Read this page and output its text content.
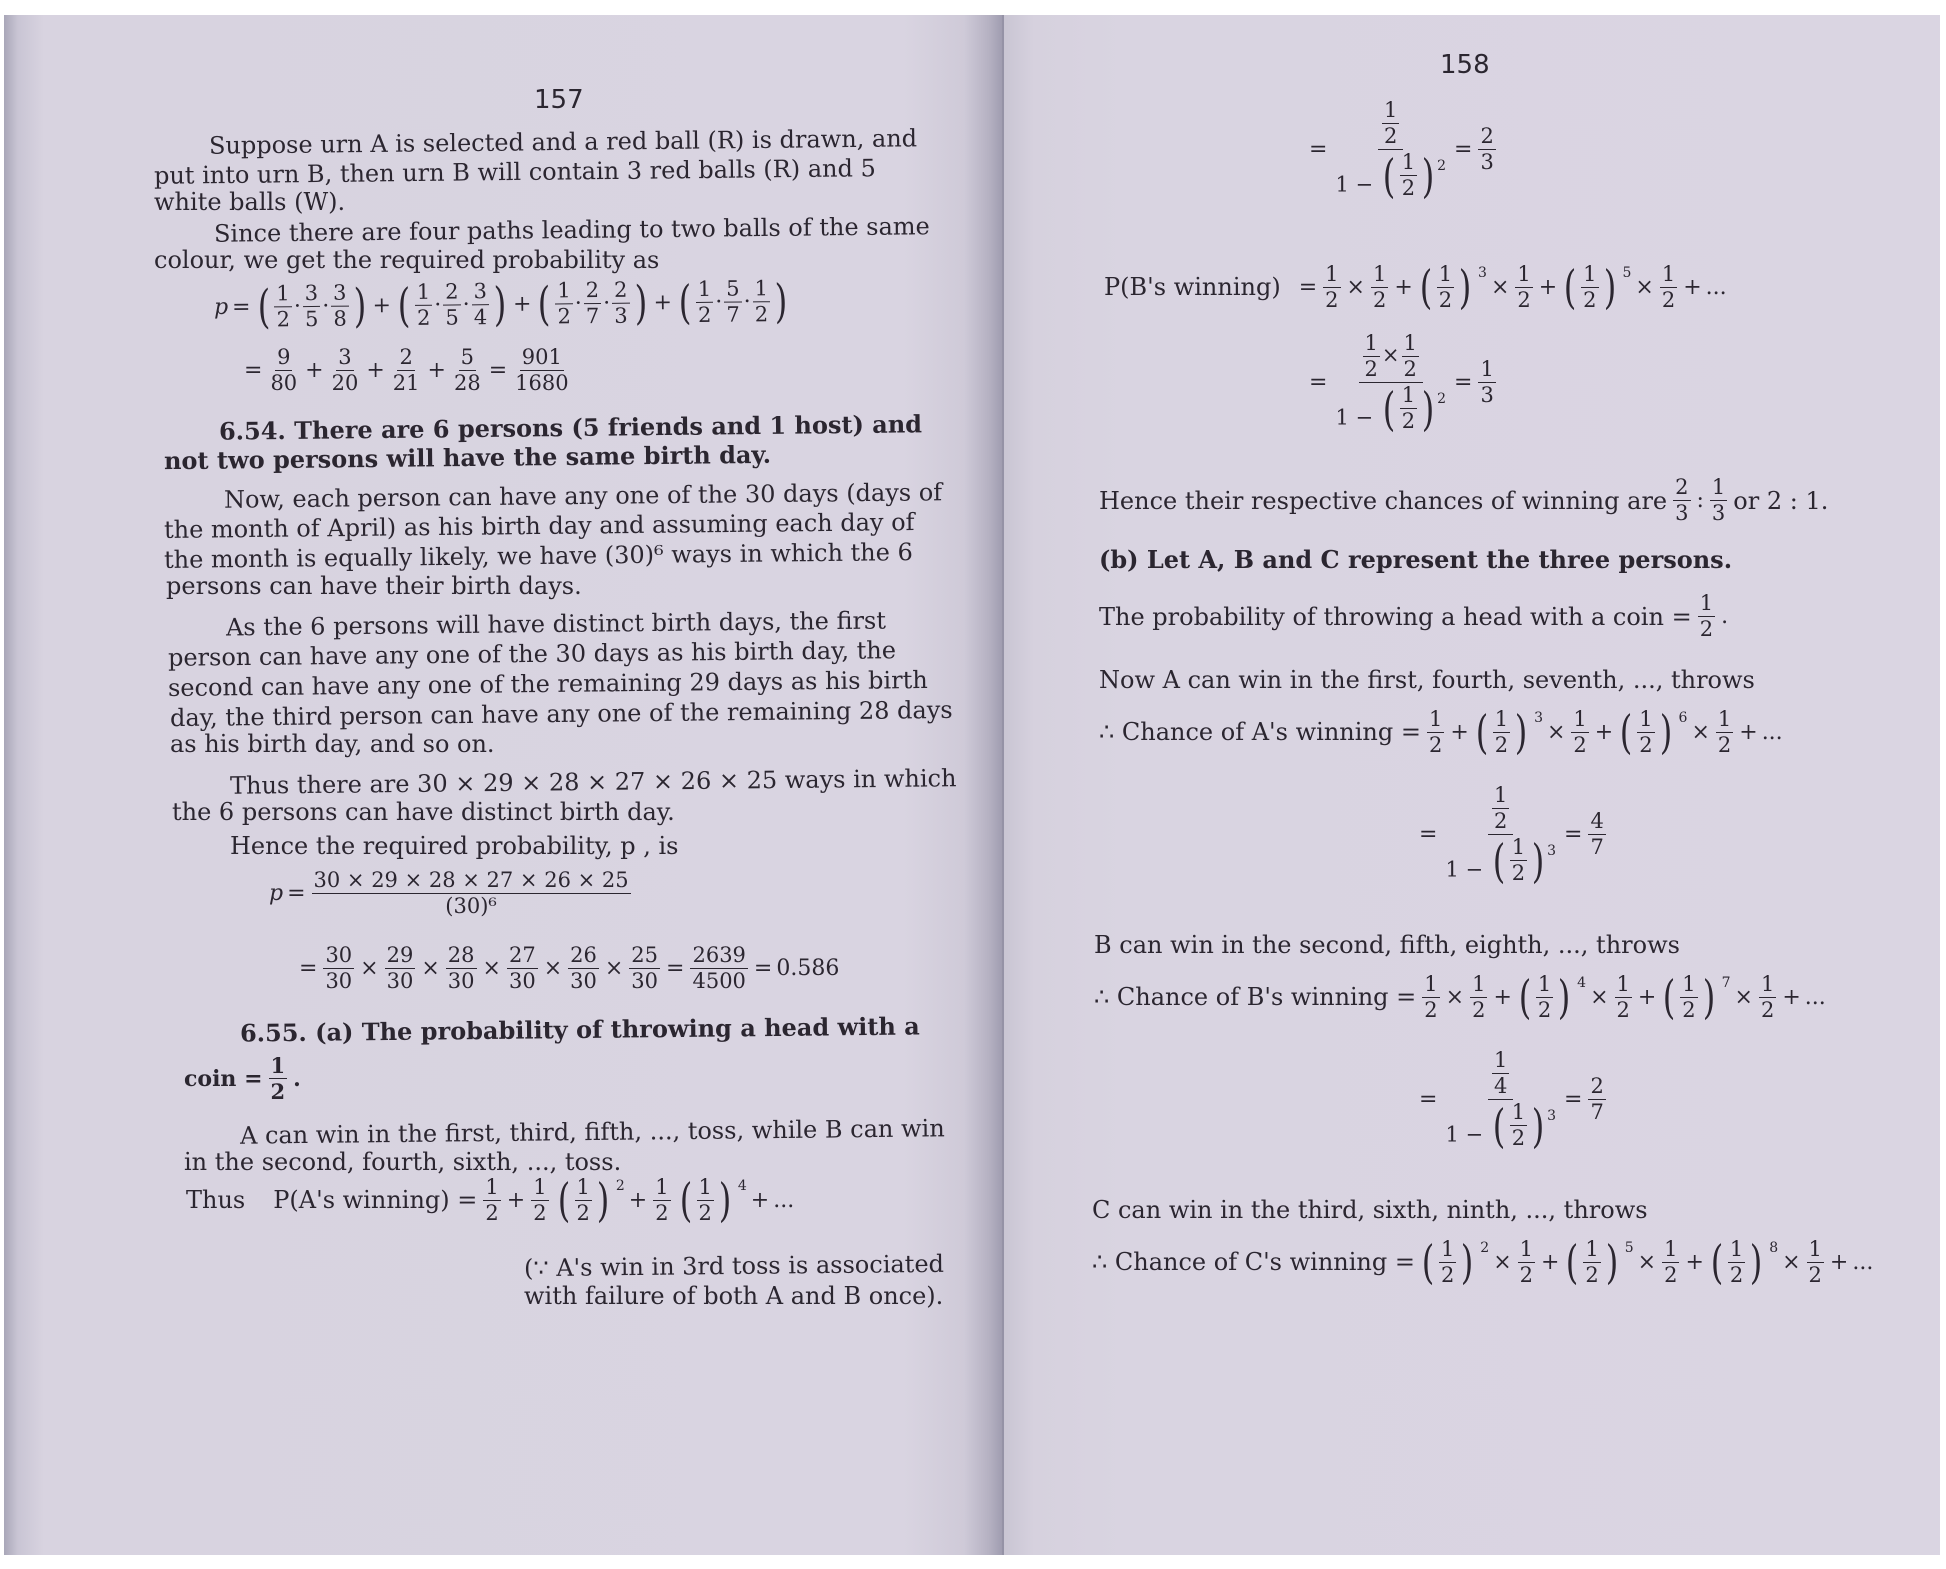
157
Suppose urn A is selected and a red ball (R) is drawn, and
put into urn B, then urn B will contain 3 red balls (R) and 5
white balls (W).
Since there are four paths leading to two balls of the same
colour, we get the required probability as
p = ( $\frac{1}{2} \cdot \frac{3}{5} \cdot \frac{3}{8}$
) + ( $\frac{1}{2} \cdot \frac{2}{5} \cdot \frac{3}{4}$
) + ( $\frac{1}{2} \cdot \frac{2}{7} \cdot \frac{2}{3}$
) + ( $\frac{1}{2} \cdot \frac{5}{7} \cdot \frac{1}{2}$
)
= $\frac{9}{80} + \frac{3}{20} + \frac{2}{21} + \frac{5}{28} = \frac{901}{1680}$
6.54. There are 6 persons (5 friends and 1 host) and
not two persons will have the same birth day.
Now, each person can have any one of the 30 days (days of
the month of April) as his birth day and assuming each day of
the month is equally likely, we have (30)⁶ ways in which the 6
persons can have their birth days.
As the 6 persons will have distinct birth days, the first
person can have any one of the 30 days as his birth day, the
second can have any one of the remaining 29 days as his birth
day, the third person can have any one of the remaining 28 days
as his birth day, and so on.
Thus there are 30 × 29 × 28 × 27 × 26 × 25 ways in which
the 6 persons can have distinct birth day.
Hence the required probability, p , is
$p = \frac{30 \times 29 \times 28 \times 27 \times 26 \times 25}{\text{(30)⁶}}$
= $\frac{30}{30} \times \frac{29}{30} \times \frac{28}{30} \times \frac{27}{30} \times \frac{26}{30} \times \frac{25}{30} = \frac{2639}{4500} = 0.586$
6.55. (a) The probability of throwing a head with a
coin = $\frac{1}{2}$ .
A can win in the first, third, fifth, ..., toss, while B can win
in the second, fourth, sixth, ..., toss.
Thus P(A's winning) = $\frac{1}{2} + \frac{1}{2}$ ( $\frac{1}{2}$
) $^2$
+ $\frac{1}{2}$ ( $\frac{1}{2}$
) $^4$
+ ...
(∵ A's win in 3rd toss is associated
with failure of both A and B once).
158
= $\frac{1}{2}$
1 − ( $\frac{1}{2}$
) $^2 = \frac{2}{3}$
P(B's winning) = $\frac{1}{2} \times \frac{1}{2}$ + ( $\frac{1}{2}$
) $^3$
× $\frac{1}{2}$ + ( $\frac{1}{2}$
) $^5$
× $\frac{1}{2}$ + ...
= $\frac{1}{2} \times \frac{1}{2}$
1 − ( $\frac{1}{2}$
) $^2 = \frac{1}{3}$
Hence their respective chances of winning are $\frac{2}{3}$ : $\frac{1}{3}$ or 2 : 1.
(b) Let A, B and C represent the three persons.
The probability of throwing a head with a coin = $\frac{1}{2}$ .
Now A can win in the first, fourth, seventh, ..., throws
∴ Chance of A's winning = $\frac{1}{2}$ + ( $\frac{1}{2}$
) $^3$
× $\frac{1}{2}$ + ( $\frac{1}{2}$
) $^6$
× $\frac{1}{2}$ + ...
= $\frac{1}{2}$
1 − ( $\frac{1}{2}$
) $^3 = \frac{4}{7}$
B can win in the second, fifth, eighth, ..., throws
∴ Chance of B's winning = $\frac{1}{2} \times \frac{1}{2}$ + ( $\frac{1}{2}$
) $^4$
× $\frac{1}{2}$ + ( $\frac{1}{2}$
) $^7$
× $\frac{1}{2}$ + ...
= $\frac{1}{4}$
1 − ( $\frac{1}{2}$
) $^3 = \frac{2}{7}$
C can win in the third, sixth, ninth, ..., throws
∴ Chance of C's winning = ( $\frac{1}{2}$
) $^2$
× $\frac{1}{2}$ + ( $\frac{1}{2}$
) $^5$
× $\frac{1}{2}$ + ( $\frac{1}{2}$
) $^8$
× $\frac{1}{2}$ + ...
